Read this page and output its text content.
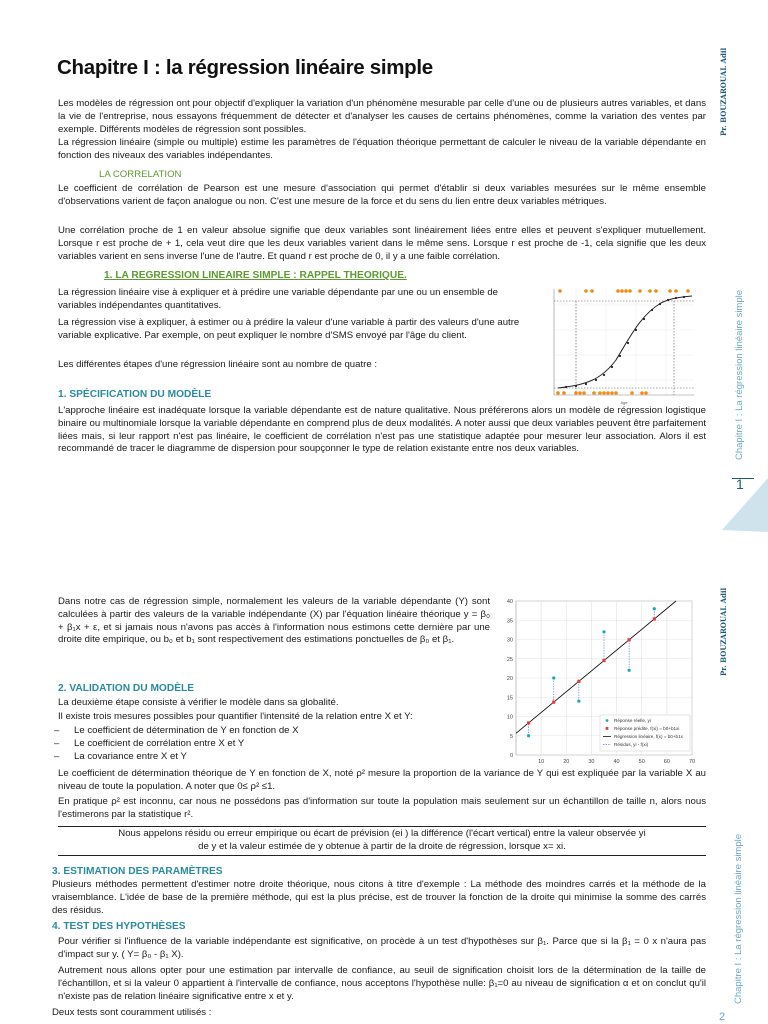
Chapitre I : la régression linéaire simple	Pr. BOUZAROUAL Adil
Chapitre I : La régression linéaire simple
1

Les modèles de régression ont pour objectif d'expliquer la variation d'un phénomène mesurable par celle d'une ou de plusieurs autres variables, et dans la vie de l'entreprise, nous essayons fréquemment de détecter et d'analyser les causes de certains phénomènes, comme la variation des ventes par exemple. Différents modèles de régression sont possibles.

La régression linéaire (simple ou multiple) estime les paramètres de l'équation théorique permettant de calculer le niveau de la variable dépendante en fonction des niveaux des variables indépendantes.

LA CORRELATION

Le coefficient de corrélation de Pearson est une mesure d'association qui permet d'établir si deux variables mesurées sur le même ensemble d'observations varient de façon analogue ou non. C'est une mesure de la force et du sens du lien entre deux variables métriques.

Une corrélation proche de 1 en valeur absolue signifie que deux variables sont linéairement liées entre elles et peuvent s'expliquer mutuellement. Lorsque r est proche de + 1, cela veut dire que les deux variables varient dans le même sens. Lorsque r est proche de -1, cela signifie que les deux variables varient en sens inverse l'une de l'autre. Et quand r est proche de 0, il y a une faible corrélation.

1. LA REGRESSION LINEAIRE SIMPLE : RAPPEL THEORIQUE.

La régression linéaire vise à expliquer et à prédire une variable dépendante par une ou un ensemble de variables indépendantes quantitatives.

La régression vise à expliquer, à estimer ou à prédire la valeur d'une variable à partir des valeurs d'une autre variable explicative. Par exemple, on peut expliquer le nombre d'SMS envoyé par l'âge du client.

Les différentes étapes d'une régression linéaire sont au nombre de quatre :

Age
1. SPÉCIFICATION DU MODÈLE

L'approche linéaire est inadéquate lorsque la variable dépendante est de nature qualitative. Nous préférerons alors un modèle de régression logistique binaire ou multinomiale lorsque la variable dépendante en comprend plus de deux modalités. A noter aussi que deux variables peuvent être parfaitement liées mais, si leur rapport n'est pas linéaire, le coefficient de corrélation n'est pas une statistique adaptée pour mesurer leur association. Alors il est recommandé de tracer le diagramme de dispersion pour soupçonner le type de relation existante entre nos deux variables.

Pr. BOUZAROUAL Adil
Chapitre I : La régression linéaire simple
2

Dans notre cas de régression simple, normalement les valeurs de la variable dépendante (Y) sont calculées à partir des valeurs de la variable indépendante (X) par l'équation linéaire théorique y = β₀ + β₁x + ε, et si jamais nous n'avons pas accès à l'information nous estimons cette dernière par une droite dite empirique, ou b₀ et b₁ sont respectivement des estimations ponctuelles de β₀ et β₁.

0
5
10
15
20
25
30
35
40
10	20	30	40	50	60	70
Réponse réelle, yi
Réponse prédite, f(xi) = b0+b1xi
Régression linéaire, f(x) = b0+b1x
Résidus, yi - f(xi)
2. VALIDATION DU MODÈLE

La deuxième étape consiste à vérifier le modèle dans sa globalité.

Il existe trois mesures possibles pour quantifier l'intensité de la relation entre X et Y:

– Le coefficient de détermination de Y en fonction de X
– Le coefficient de corrélation entre X et Y
– La covariance entre X et Y

Le coefficient de détermination théorique de Y en fonction de X, noté ρ² mesure la proportion de la variance de Y qui est expliquée par la variable X au niveau de toute la population. A noter que 0≤ ρ² ≤1.

En pratique ρ² est inconnu, car nous ne possédons pas d'information sur toute la population mais seulement sur un échantillon de taille n, alors nous l'estimerons par la statistique r².

Nous appelons résidu ou erreur empirique ou écart de prévision (ei ) la différence (l'écart vertical) entre la valeur observée yi de y et la valeur estimée de y obtenue à partir de la droite de régression, lorsque x= xi.
3. ESTIMATION DES PARAMÈTRES

Plusieurs méthodes permettent d'estimer notre droite théorique, nous citons à titre d'exemple : La méthode des moindres carrés et la méthode de la vraisemblance. L'idée de base de la première méthode, qui est la plus précise, est de trouver la fonction de la droite qui minimise la somme des carrés des résidus.

4. TEST DES HYPOTHÈSES

Pour vérifier si l'influence de la variable indépendante est significative, on procède à un test d'hypothèses sur β₁. Parce que si la β₁ = 0 x n'aura pas d'impact sur y. ( Y= β₀ - β₁ X).

Autrement nous allons opter pour une estimation par intervalle de confiance, au seuil de signification choisit lors de la détermination de la taille de l'échantillon, et si la valeur 0 appartient à l'intervalle de confiance, nous acceptons l'hypothèse nulle: β₁=0 au niveau de signification α et on conclut qu'il n'existe pas de relation linéaire significative entre x et y.

Deux tests sont couramment utilisés :
